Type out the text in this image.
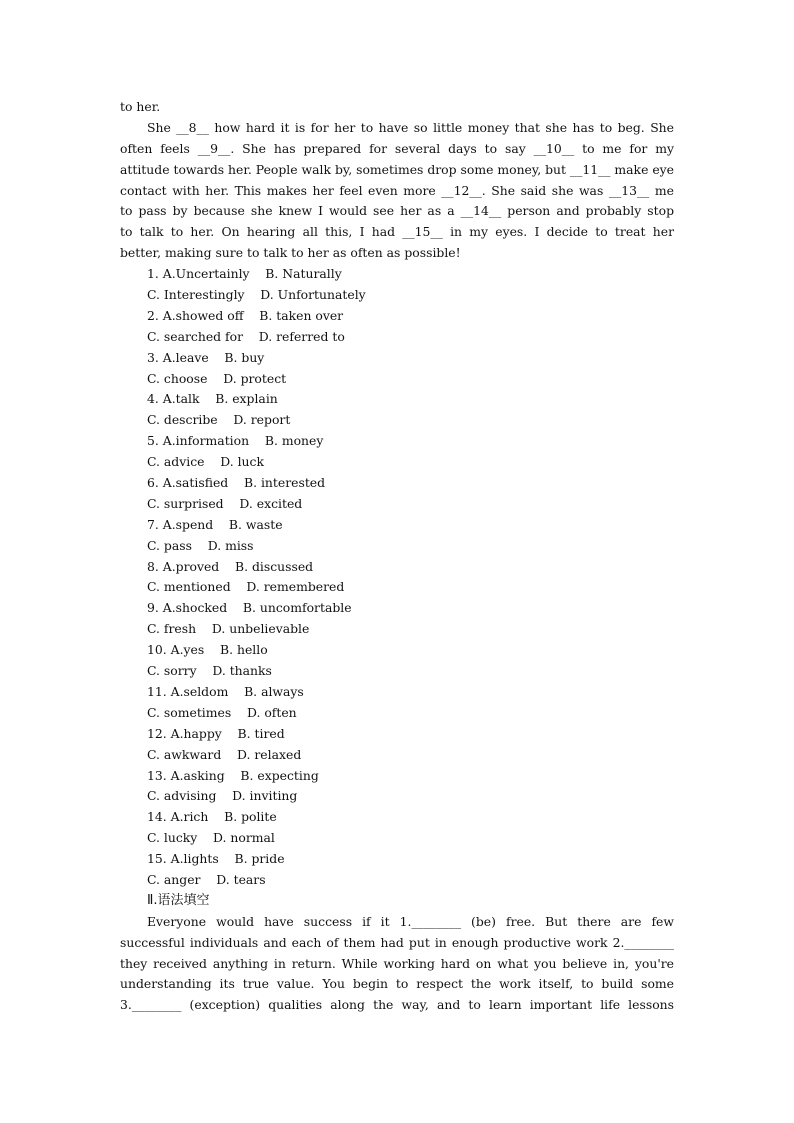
to her.
She __8__ how hard it is for her to have so little money that she has to beg. She
often feels __9__. She has prepared for several days to say __10__ to me for my
attitude towards her. People walk by, sometimes drop some money, but __11__ make eye
contact with her. This makes her feel even more __12__. She said she was __13__ me
to pass by because she knew I would see her as a __14__ person and probably stop
to talk to her. On hearing all this, I had __15__ in my eyes. I decide to treat her
better, making sure to talk to her as often as possible!
1. A.Uncertainly    B. Naturally
C. Interestingly    D. Unfortunately
2. A.showed off    B. taken over
C. searched for    D. referred to
3. A.leave    B. buy
C. choose    D. protect
4. A.talk    B. explain
C. describe    D. report
5. A.information    B. money
C. advice    D. luck
6. A.satisfied    B. interested
C. surprised    D. excited
7. A.spend    B. waste
C. pass    D. miss
8. A.proved    B. discussed
C. mentioned    D. remembered
9. A.shocked    B. uncomfortable
C. fresh    D. unbelievable
10. A.yes    B. hello
C. sorry    D. thanks
11. A.seldom    B. always
C. sometimes    D. often
12. A.happy    B. tired
C. awkward    D. relaxed
13. A.asking    B. expecting
C. advising    D. inviting
14. A.rich    B. polite
C. lucky    D. normal
15. A.lights    B. pride
C. anger    D. tears
Ⅱ.语法填空
Everyone would have success if it 1.________ (be) free. But there are few
successful individuals and each of them had put in enough productive work 2.________
they received anything in return. While working hard on what you believe in, you're
understanding its true value. You begin to respect the work itself, to build some
3.________ (exception) qualities along the way, and to learn important life lessons
